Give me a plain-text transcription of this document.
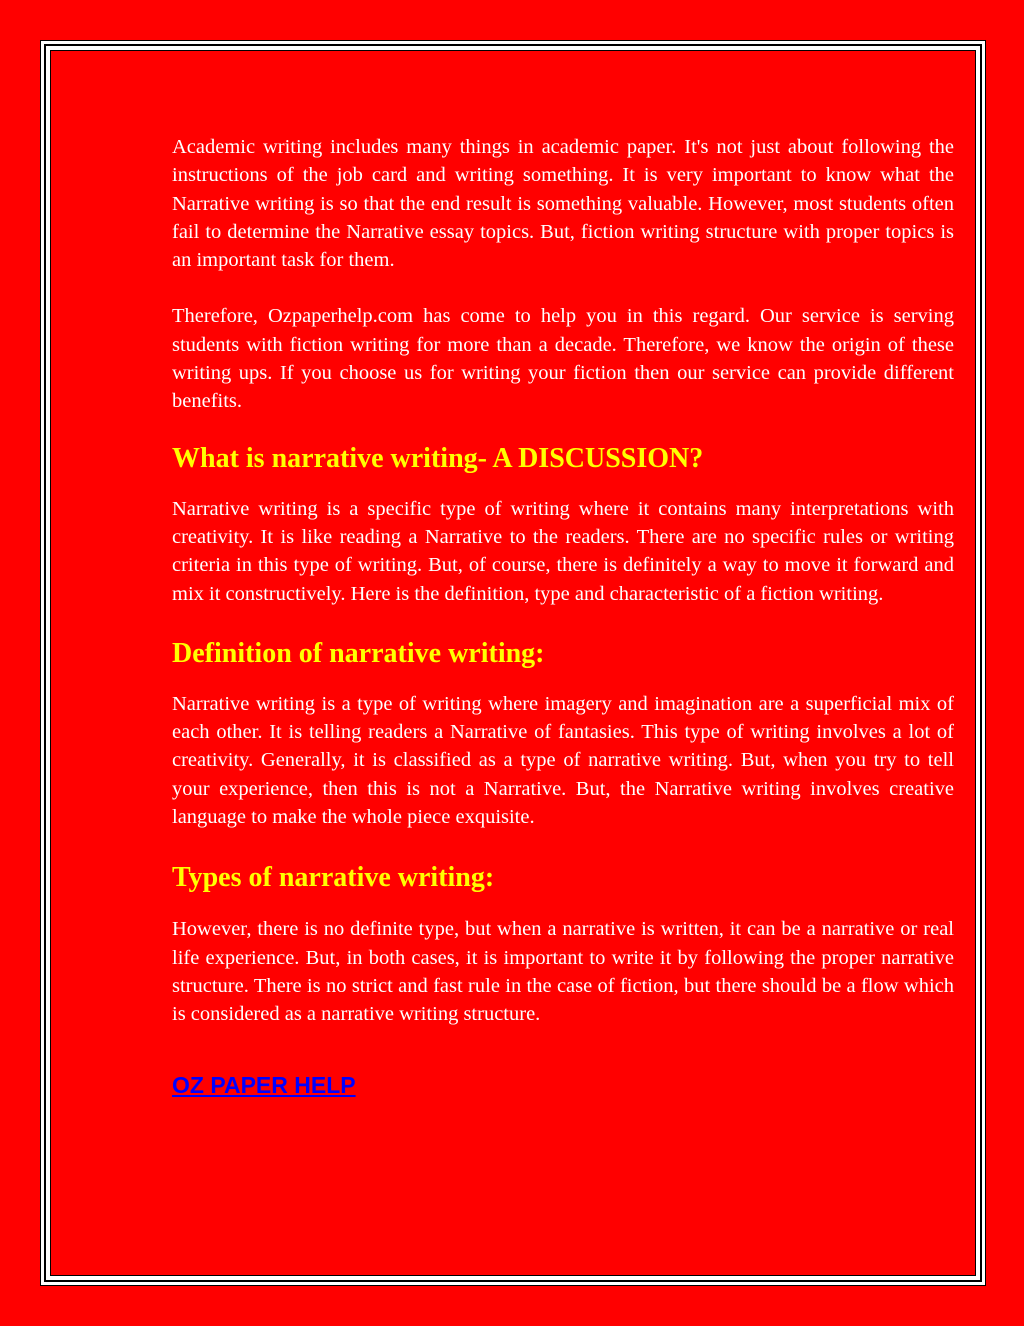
Academic writing includes many things in academic paper. It's not just about following the instructions of the job card and writing something. It is very important to know what the Narrative writing is so that the end result is something valuable. However, most students often fail to determine the Narrative essay topics. But, fiction writing structure with proper topics is an important task for them.

Therefore, Ozpaperhelp.com has come to help you in this regard. Our service is serving students with fiction writing for more than a decade. Therefore, we know the origin of these writing ups. If you choose us for writing your fiction then our service can provide different benefits.

What is narrative writing- A DISCUSSION?

Narrative writing is a specific type of writing where it contains many interpretations with creativity. It is like reading a Narrative to the readers. There are no specific rules or writing criteria in this type of writing. But, of course, there is definitely a way to move it forward and mix it constructively. Here is the definition, type and characteristic of a fiction writing.

Definition of narrative writing:

Narrative writing is a type of writing where imagery and imagination are a superficial mix of each other. It is telling readers a Narrative of fantasies. This type of writing involves a lot of creativity. Generally, it is classified as a type of narrative writing. But, when you try to tell your experience, then this is not a Narrative. But, the Narrative writing involves creative language to make the whole piece exquisite.

Types of narrative writing:

However, there is no definite type, but when a narrative is written, it can be a narrative or real life experience. But, in both cases, it is important to write it by following the proper narrative structure. There is no strict and fast rule in the case of fiction, but there should be a flow which is considered as a narrative writing structure.

OZ PAPER HELP
